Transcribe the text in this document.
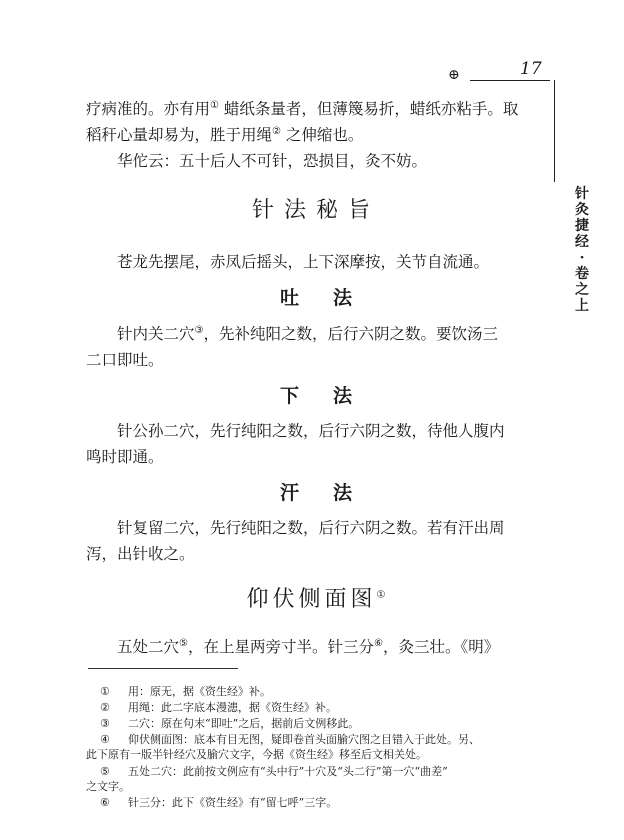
⊕	17
针
灸
捷
经
·
卷
之
上
疗病准的。亦有用① 蜡纸条量者，但薄篾易折，蜡纸亦粘手。取
稻秆心量却易为，胜于用绳② 之伸缩也。
华佗云：五十后人不可针，恐损目，灸不妨。
针法秘旨
苍龙先摆尾，赤凤后摇头，上下深摩按，关节自流通。
吐 法
针内关二穴③，先补纯阳之数，后行六阴之数。要饮汤三
二口即吐。
下 法
针公孙二穴，先行纯阳之数，后行六阴之数，待他人腹内
鸣时即通。
汗 法
针复留二穴，先行纯阳之数，后行六阴之数。若有汗出周
泻，出针收之。
仰伏侧面图①
五处二穴⑤，在上星两旁寸半。针三分⑥，灸三壮。《明》
① 用：原无，据《资生经》补。
② 用绳：此二字底本漫漶，据《资生经》补。
③ 二穴：原在句末“即吐”之后，据前后文例移此。
④ 仰伏侧面图：底本有目无图，疑即卷首头面腧穴图之目错入于此处。另、
此下原有一版半针经穴及腧穴文字，今据《资生经》移至后文相关处。
⑤ 五处二穴：此前按文例应有“头中行”十穴及“头二行”第一穴“曲差”
之文字。
⑥ 针三分：此下《资生经》有“留七呼”三字。
